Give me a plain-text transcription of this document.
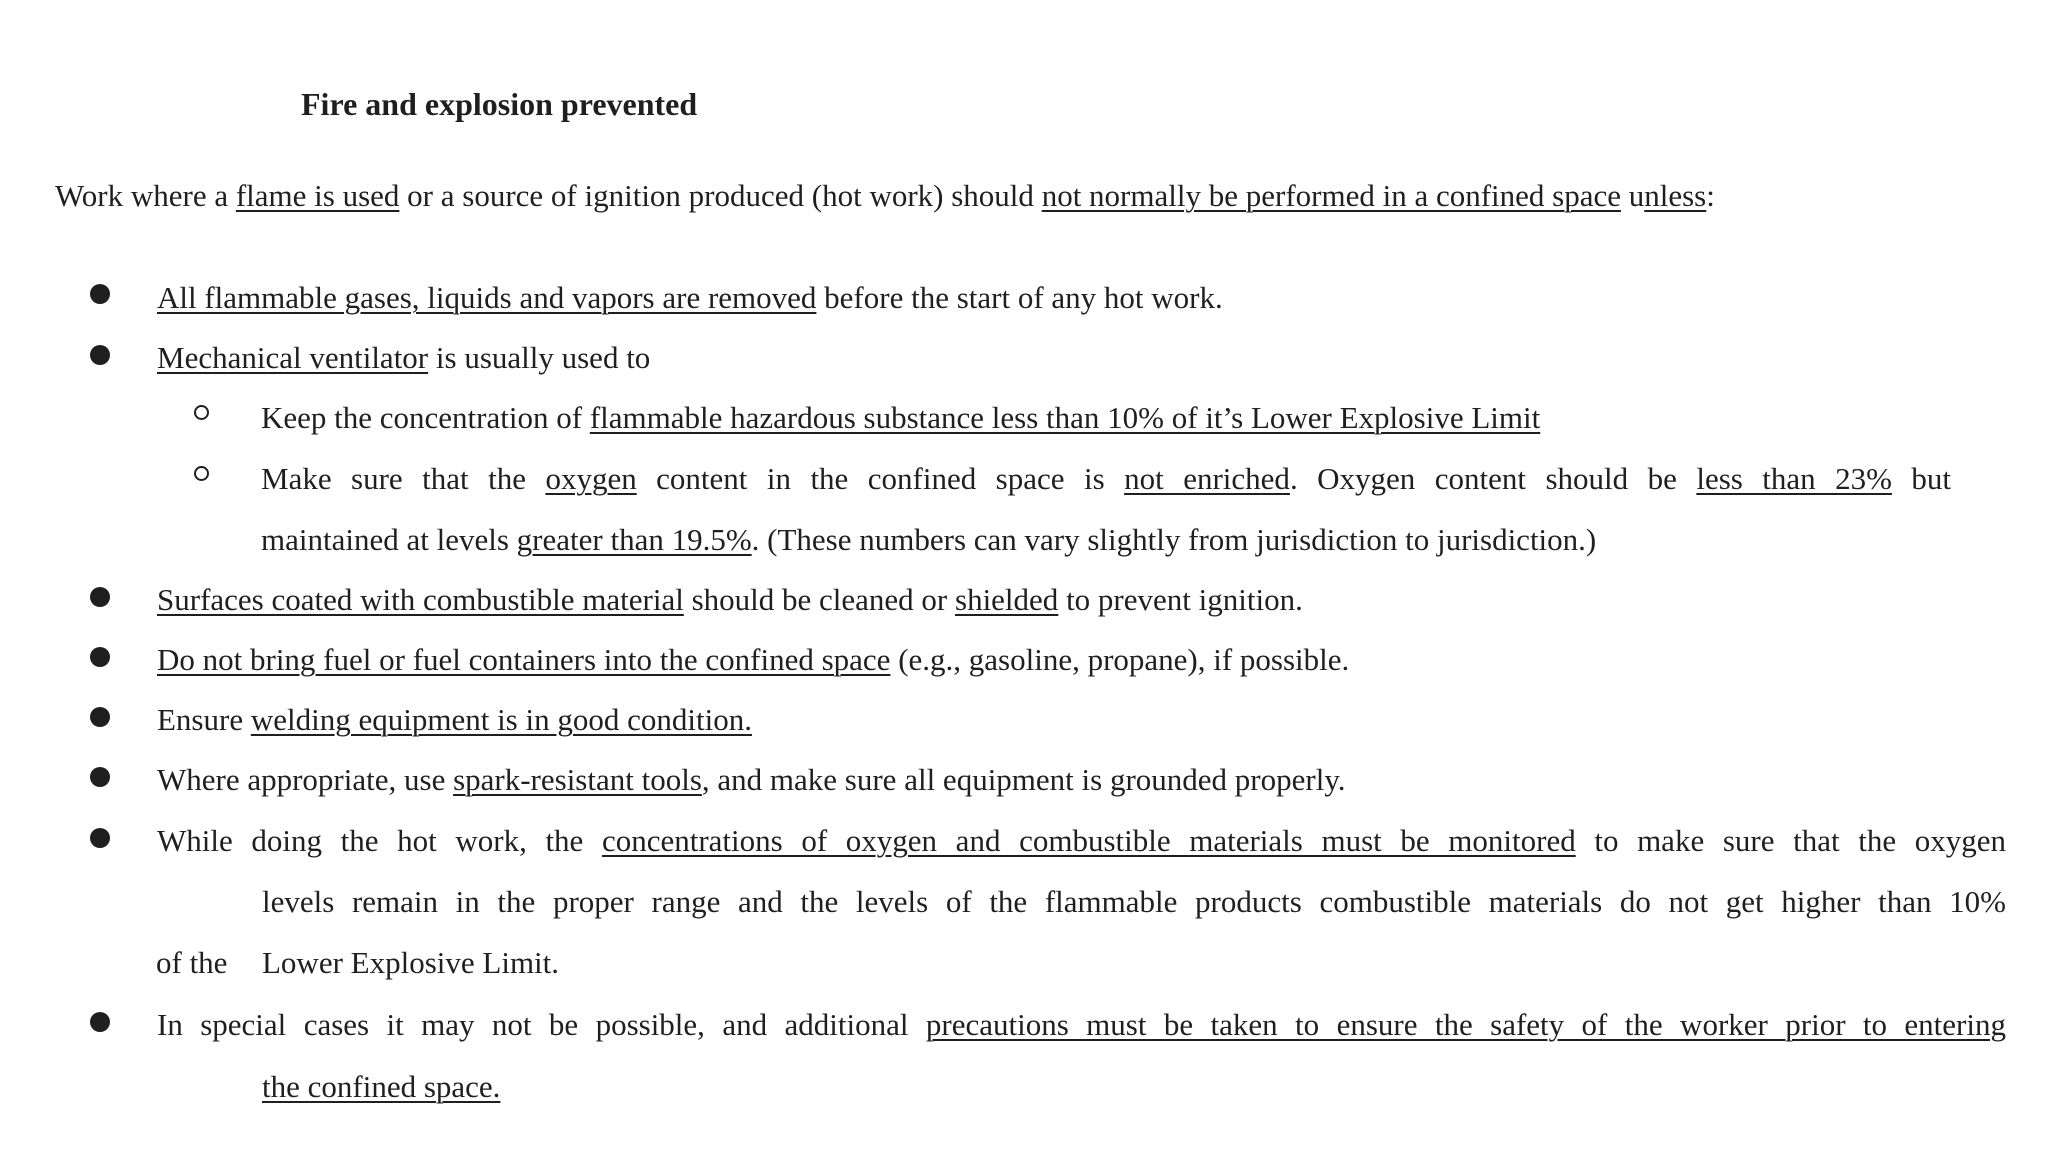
Fire and explosion prevented
Work where a flame is used or a source of ignition produced (hot work) should not normally be performed in a confined space unless:
All flammable gases, liquids and vapors are removed before the start of any hot work.
Mechanical ventilator is usually used to
Keep the concentration of flammable hazardous substance less than 10% of it’s Lower Explosive Limit
Make sure that the oxygen content in the confined space is not enriched. Oxygen content should be less than 23% but
maintained at levels greater than 19.5%. (These numbers can vary slightly from jurisdiction to jurisdiction.)
Surfaces coated with combustible material should be cleaned or shielded to prevent ignition.
Do not bring fuel or fuel containers into the confined space (e.g., gasoline, propane), if possible.
Ensure welding equipment is in good condition.
Where appropriate, use spark-resistant tools, and make sure all equipment is grounded properly.
While doing the hot work, the concentrations of oxygen and combustible materials must be monitored to make sure that the oxygen
levels remain in the proper range and the levels of the flammable products combustible materials do not get higher than 10%
of the Lower Explosive Limit.
In special cases it may not be possible, and additional precautions must be taken to ensure the safety of the worker prior to entering
the confined space.
